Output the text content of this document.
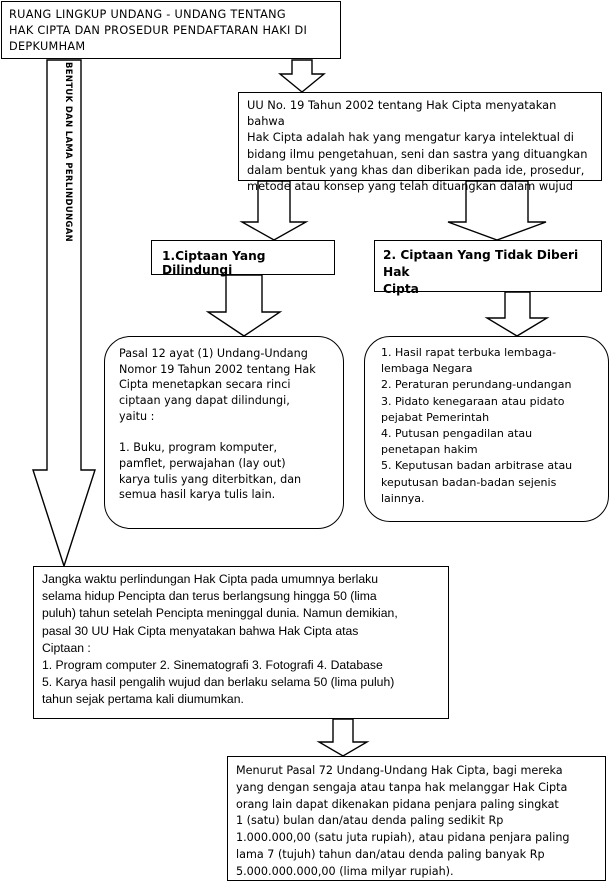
RUANG LINGKUP UNDANG - UNDANG TENTANG
HAK CIPTA DAN PROSEDUR PENDAFTARAN HAKI DI
DEPKUMHAM
BENTUK DAN LAMA PERLINDUNGAN	UU No. 19 Tahun 2002 tentang Hak Cipta menyatakan bahwa
Hak Cipta adalah hak yang mengatur karya intelektual di
bidang ilmu pengetahuan, seni dan sastra yang dituangkan
dalam bentuk yang khas dan diberikan pada ide, prosedur,
metode atau konsep yang telah dituangkan dalam wujud
1.Ciptaan Yang Dilindungi
2. Ciptaan Yang Tidak Diberi Hak
Cipta
Pasal 12 ayat (1) Undang-Undang
Nomor 19 Tahun 2002 tentang Hak
Cipta menetapkan secara rinci
ciptaan yang dapat dilindungi,
yaitu :

1. Buku, program komputer,
pamflet, perwajahan (lay out)
karya tulis yang diterbitkan, dan
semua hasil karya tulis lain.
1. Hasil rapat terbuka lembaga-
lembaga Negara
2. Peraturan perundang-undangan
3. Pidato kenegaraan atau pidato
pejabat Pemerintah
4. Putusan pengadilan atau
penetapan hakim
5. Keputusan badan arbitrase atau
keputusan badan-badan sejenis
lainnya.
Jangka waktu perlindungan Hak Cipta pada umumnya berlaku
selama hidup Pencipta dan terus berlangsung hingga 50 (lima
puluh) tahun setelah Pencipta meninggal dunia. Namun demikian,
pasal 30 UU Hak Cipta menyatakan bahwa Hak Cipta atas
Ciptaan :
1. Program computer 2. Sinematografi 3. Fotografi 4. Database
5. Karya hasil pengalih wujud dan berlaku selama 50 (lima puluh)
tahun sejak pertama kali diumumkan.
Menurut Pasal 72 Undang-Undang Hak Cipta, bagi mereka
yang dengan sengaja atau tanpa hak melanggar Hak Cipta
orang lain dapat dikenakan pidana penjara paling singkat
1 (satu) bulan dan/atau denda paling sedikit Rp
1.000.000,00 (satu juta rupiah), atau pidana penjara paling
lama 7 (tujuh) tahun dan/atau denda paling banyak Rp
5.000.000.000,00 (lima milyar rupiah).
